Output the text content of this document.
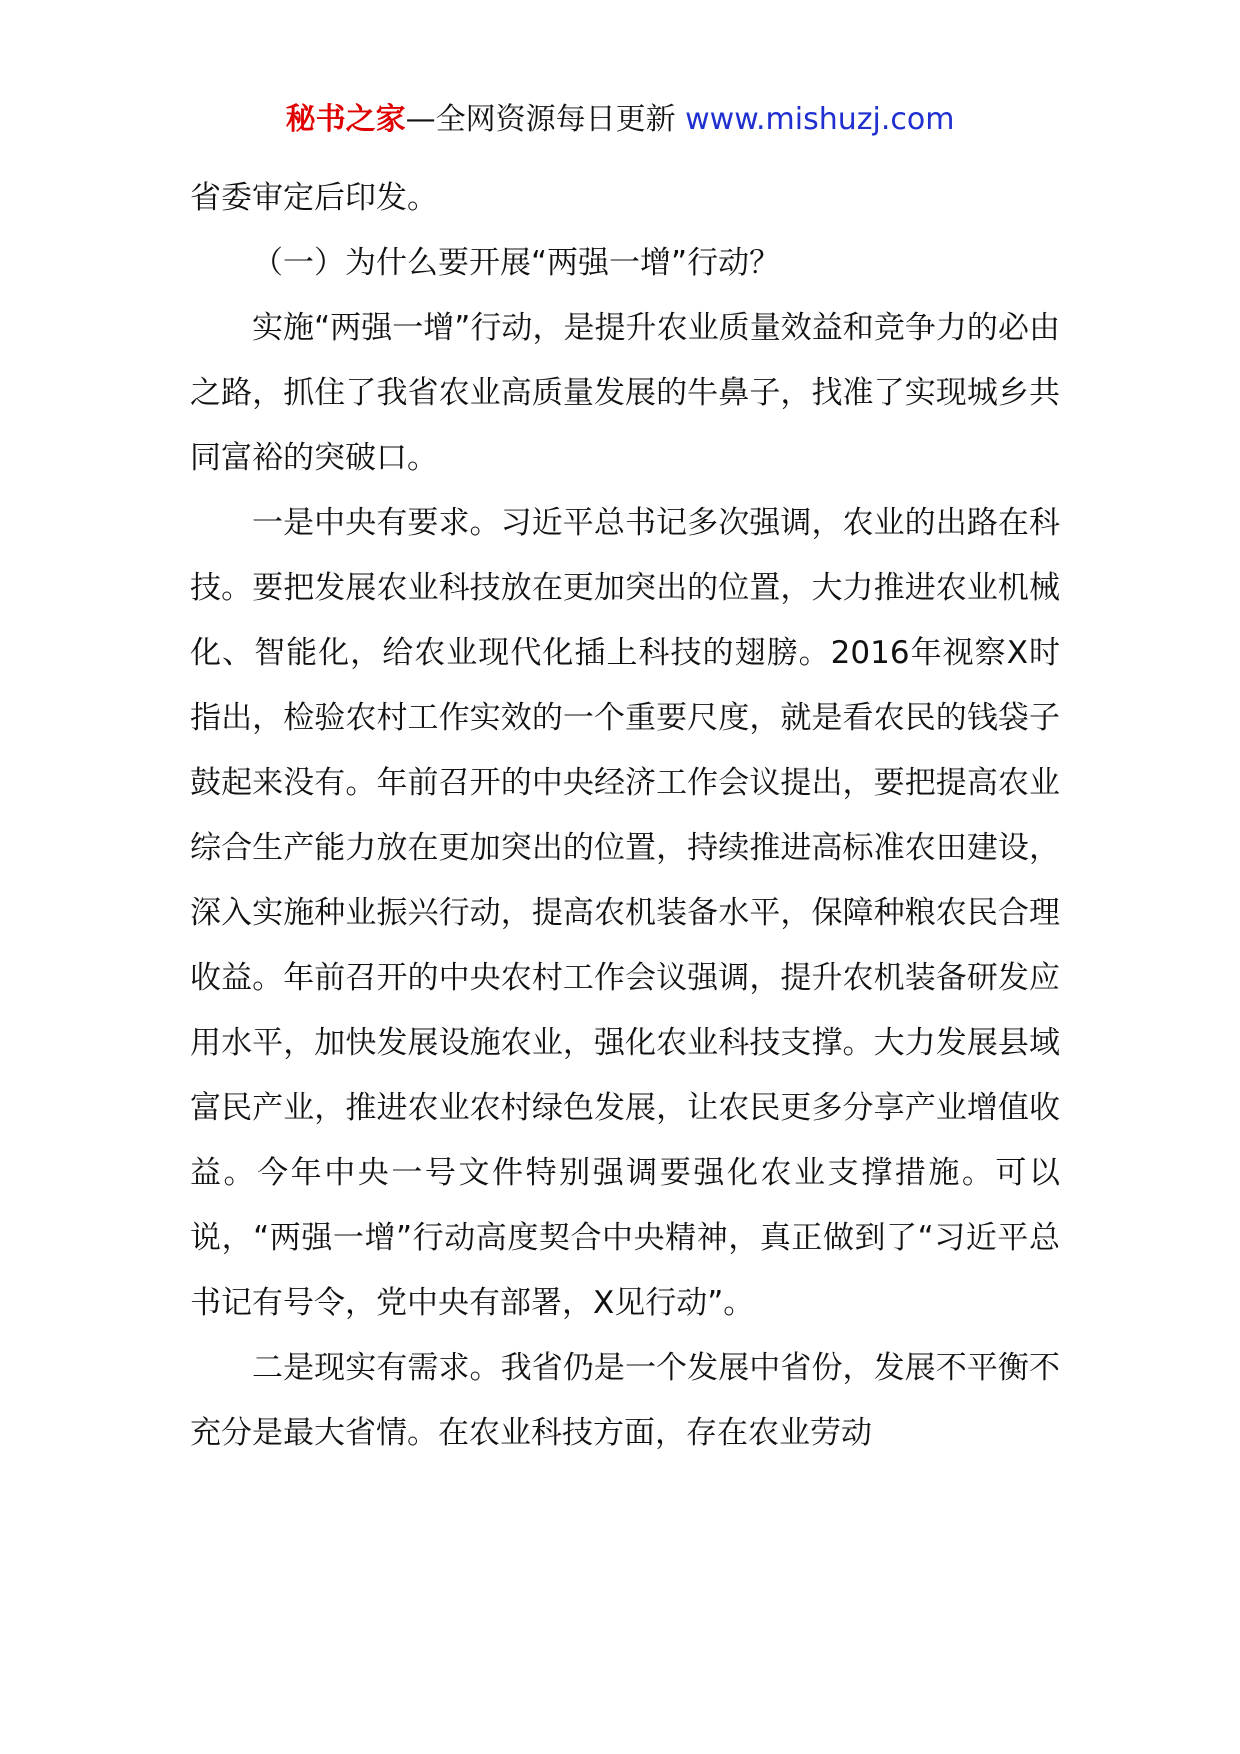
秘书之家—全网资源每日更新 www.mishuzj.com

省委审定后印发。

（一）为什么要开展“两强一增”行动？

实施“两强一增”行动，是提升农业质量效益和竞争力的必由之路，抓住了我省农业高质量发展的牛鼻子，找准了实现城乡共同富裕的突破口。

一是中央有要求。习近平总书记多次强调，农业的出路在科技。要把发展农业科技放在更加突出的位置，大力推进农业机械化、智能化，给农业现代化插上科技的翅膀。2016年视察X时指出，检验农村工作实效的一个重要尺度，就是看农民的钱袋子鼓起来没有。年前召开的中央经济工作会议提出，要把提高农业综合生产能力放在更加突出的位置，持续推进高标准农田建设，深入实施种业振兴行动，提高农机装备水平，保障种粮农民合理收益。年前召开的中央农村工作会议强调，提升农机装备研发应用水平，加快发展设施农业，强化农业科技支撑。大力发展县域富民产业，推进农业农村绿色发展，让农民更多分享产业增值收益。今年中央一号文件特别强调要强化农业支撑措施。可以说，“两强一增”行动高度契合中央精神，真正做到了“习近平总书记有号令，党中央有部署，X见行动”。

二是现实有需求。我省仍是一个发展中省份，发展不平衡不充分是最大省情。在农业科技方面，存在农业劳动
